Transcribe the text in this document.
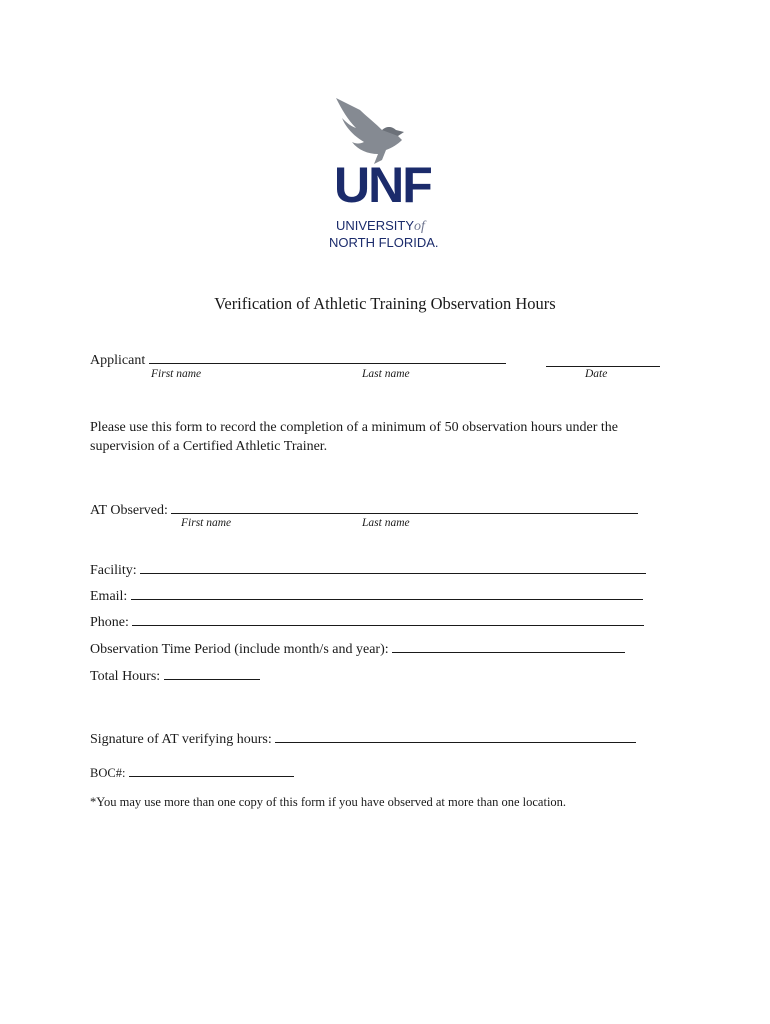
UNF
UNIVERSITYof
NORTH FLORIDA.
Verification of Athletic Training Observation Hours
Applicant
First name	Last name	Date
Please use this form to record the completion of a minimum of 50 observation hours under the supervision of a Certified Athletic Trainer.
AT Observed:
First name	Last name
Facility:
Email:
Phone:
Observation Time Period (include month/s and year):
Total Hours:
Signature of AT verifying hours:
BOC#:
*You may use more than one copy of this form if you have observed at more than one location.
